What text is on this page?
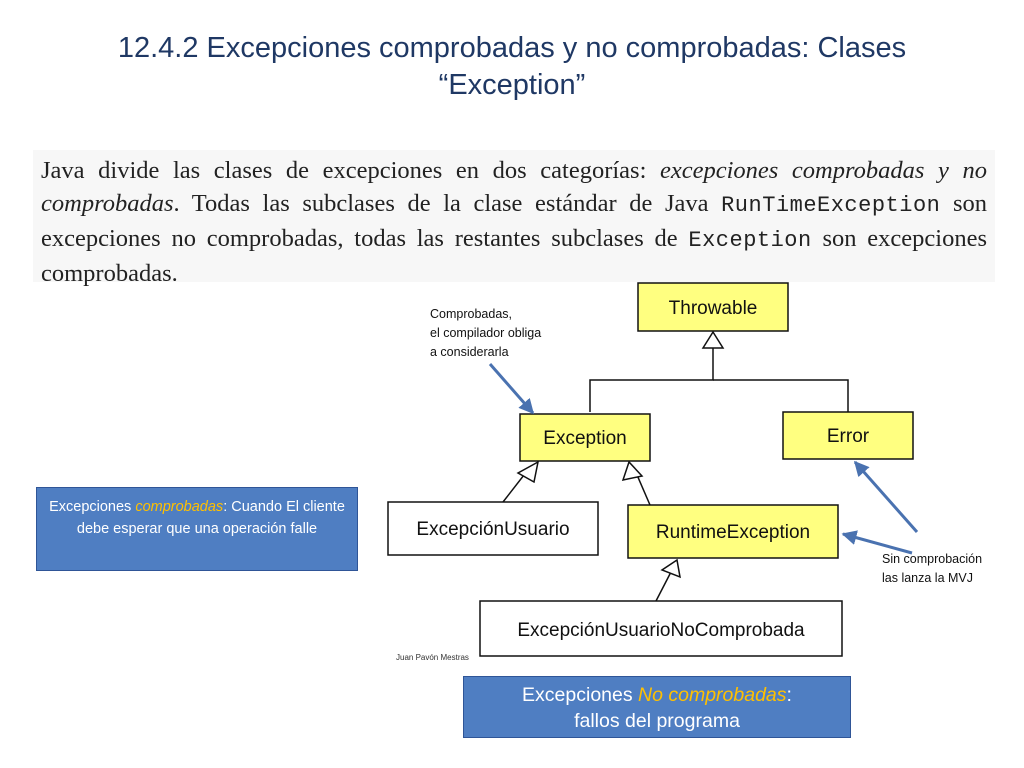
12.4.2 Excepciones comprobadas y no comprobadas: Clases
“Exception”

Java divide las clases de excepciones en dos categorías: excepciones comprobadas y no comprobadas. Todas las subclases de la clase estándar de Java RunTimeException son excepciones no comprobadas, todas las restantes subclases de Exception son excepciones comprobadas.

Throwable
Exception	Error
ExcepciónUsuario	RuntimeException
ExcepciónUsuarioNoComprobada
Comprobadas,
el compilador obliga
a considerarla
Sin comprobación
las lanza la MVJ
Juan Pavón Mestras
Excepciones comprobadas: Cuando El cliente debe esperar que una operación falle
Excepciones No comprobadas:
fallos del programa
